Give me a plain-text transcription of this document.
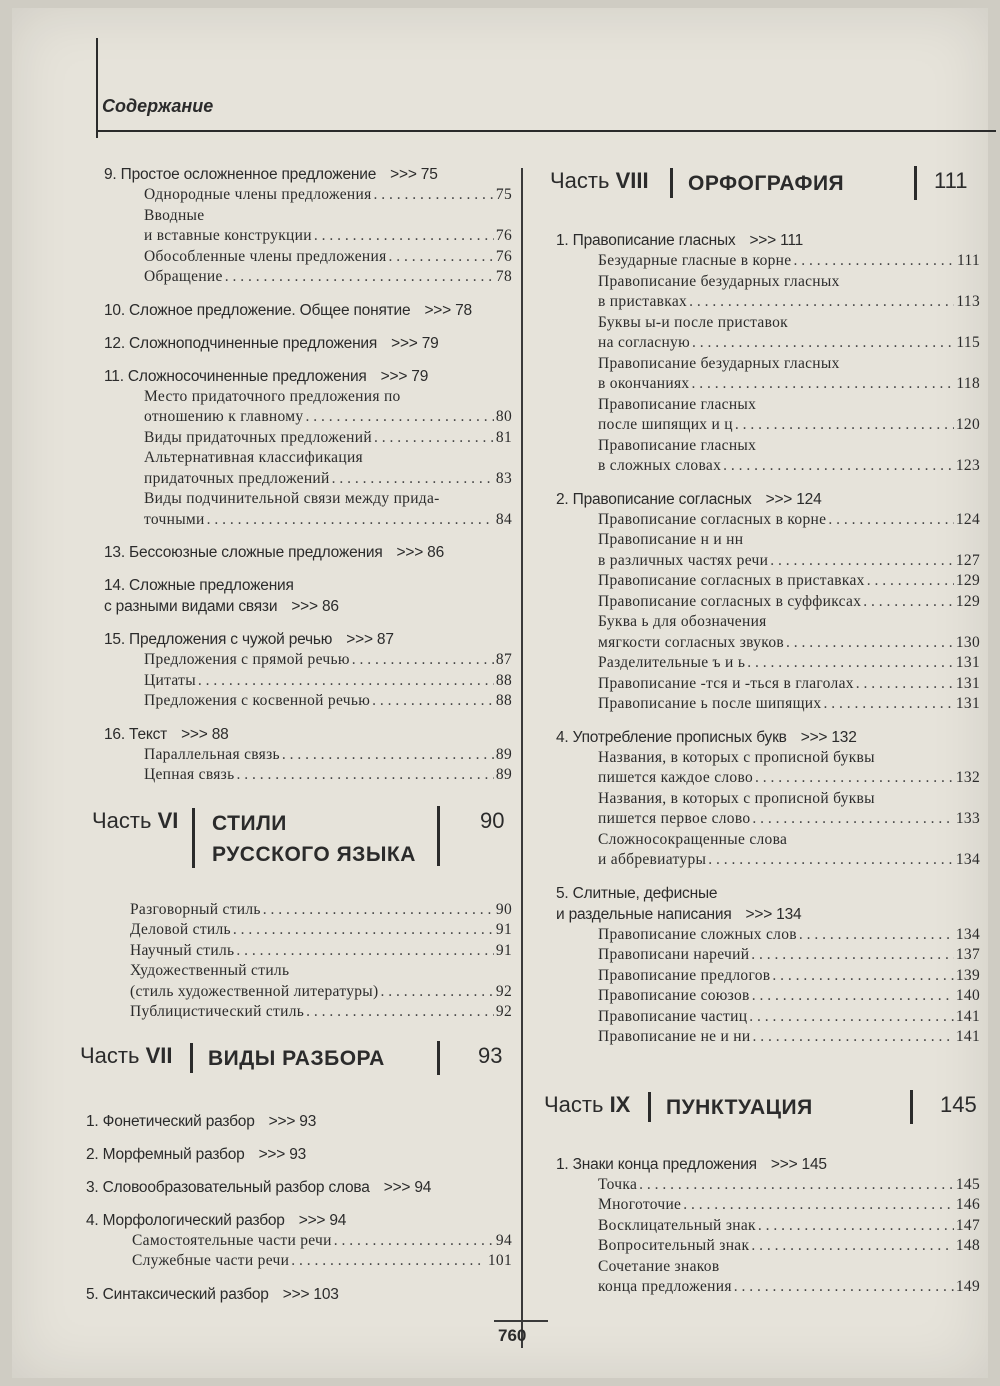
Содержание
760
9. Простое осложненное предложение >>> 75
Однородные члены предложения . . .	75
Вводные
и вставные конструкции . . .	76
Обособленные члены предложения . . .	76
Обращение . . .	78
10. Сложное предложение. Общее понятие >>> 78
12. Сложноподчиненные предложения >>> 79
11. Сложносочиненные предложения >>> 79
Место придаточного предложения по
отношению к главному . . .	80
Виды придаточных предложений . . .	81
Альтернативная классификация
придаточных предложений . . .	83
Виды подчинительной связи между прида-
точными . . .	84
13. Бессоюзные сложные предложения >>> 86
14. Сложные предложения
с разными видами связи >>> 86
15. Предложения с чужой речью >>> 87
Предложения с прямой речью . . .	87
Цитаты . . .	88
Предложения с косвенной речью . . .	88
16. Текст >>> 88
Параллельная связь . . .	89
Цепная связь . . .	89
Часть VI СТИЛИ
РУССКОГО ЯЗЫКА
90
Разговорный стиль . . .	90
Деловой стиль . . .	91
Научный стиль . . .	91
Художественный стиль
(стиль художественной литературы) . . .	92
Публицистический стиль . . .	92
Часть VII ВИДЫ РАЗБОРА	93
1. Фонетический разбор >>> 93
2. Морфемный разбор >>> 93
3. Словообразовательный разбор слова >>> 94
4. Морфологический разбор >>> 94
Самостоятельные части речи . . .	94
Служебные части речи . . .	101
5. Синтаксический разбор >>> 103
Часть VIII ОРФОГРАФИЯ	111
1. Правописание гласных >>> 111
Безударные гласные в корне . . .	111
Правописание безударных гласных
в приставках . . .	113
Буквы ы-и после приставок
на согласную . . .	115
Правописание безударных гласных
в окончаниях . . .	118
Правописание гласных
после шипящих и ц . . .	120
Правописание гласных
в сложных словах . . .	123
2. Правописание согласных >>> 124
Правописание согласных в корне . . .	124
Правописание н и нн
в различных частях речи . . .	127
Правописание согласных в приставках . . .	129
Правописание согласных в суффиксах . . .	129
Буква ь для обозначения
мягкости согласных звуков . . .	130
Разделительные ъ и ь . . .	131
Правописание -тся и -ться в глаголах . . .	131
Правописание ь после шипящих . . .	131
4. Употребление прописных букв >>> 132
Названия, в которых с прописной буквы
пишется каждое слово . . .	132
Названия, в которых с прописной буквы
пишется первое слово . . .	133
Сложносокращенные слова
и аббревиатуры . . .	134
5. Слитные, дефисные
и раздельные написания >>> 134
Правописание сложных слов . . .	134
Правописани наречий . . .	137
Правописание предлогов . . .	139
Правописание союзов . . .	140
Правописание частиц . . .	141
Правописание не и ни . . .	141
Часть IX ПУНКТУАЦИЯ	145
1. Знаки конца предложения >>> 145
Точка . . .	145
Многоточие . . .	146
Восклицательный знак . . .	147
Вопросительный знак . . .	148
Сочетание знаков
конца предложения . . .	149
